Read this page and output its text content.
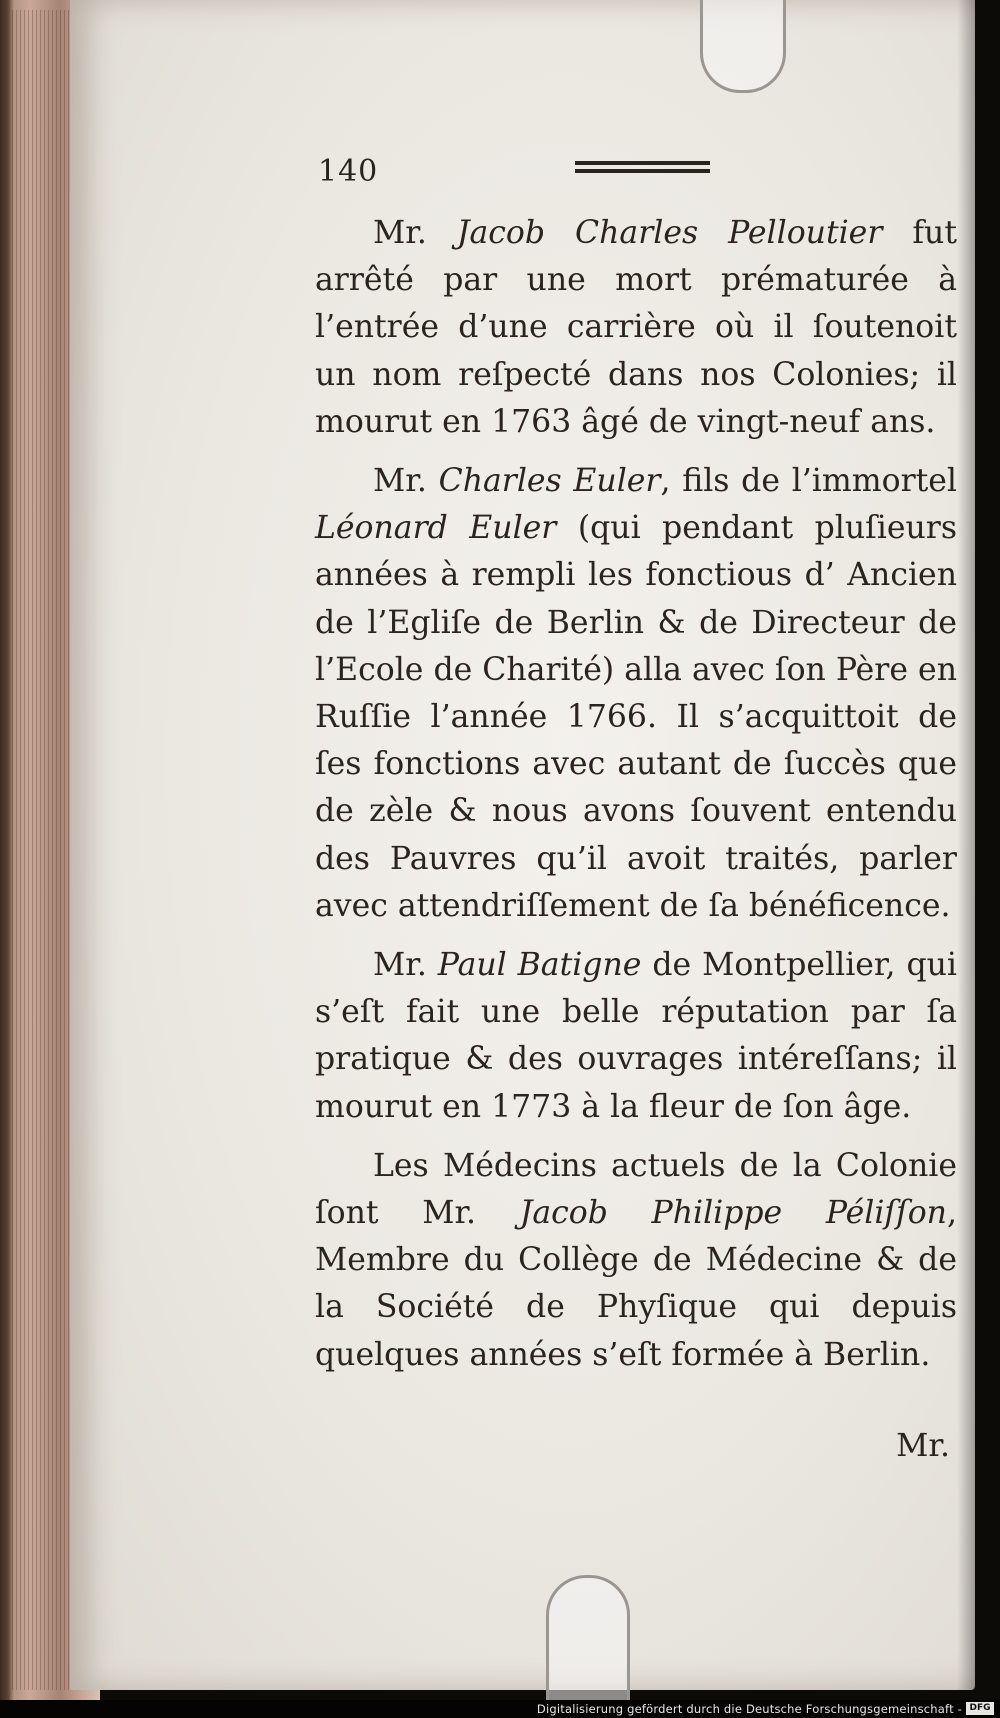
140

Mr. Jacob Charles Pelloutier fut arrêté par une mort prématurée à l’entrée d’une carrière où il ſoutenoit un nom reſpecté dans nos Colonies; il mourut en 1763 âgé de vingt-neuf ans.

Mr. Charles Euler, fils de l’immortel Léonard Euler (qui pendant pluſieurs années à rempli les fonctious d’ Ancien de l’Egliſe de Berlin & de Directeur de l’Ecole de Charité) alla avec ſon Père en Ruſſie l’année 1766. Il s’acquittoit de ſes fonctions avec autant de ſuccès que de zèle & nous avons ſouvent entendu des Pauvres qu’il avoit traités, parler avec attendriſſement de ſa bénéficence.

Mr. Paul Batigne de Montpellier, qui s’eſt fait une belle réputation par ſa pratique & des ouvrages intéreſſans; il mourut en 1773 à la fleur de ſon âge.

Les Médecins actuels de la Colonie ſont Mr. Jacob Philippe Péliſſon, Membre du Collège de Médecine & de la Société de Phyſique qui depuis quelques années s’eſt formée à Berlin.

Mr.
Digitalisierung gefördert durch die Deutsche Forschungsgemeinschaft - DFG
